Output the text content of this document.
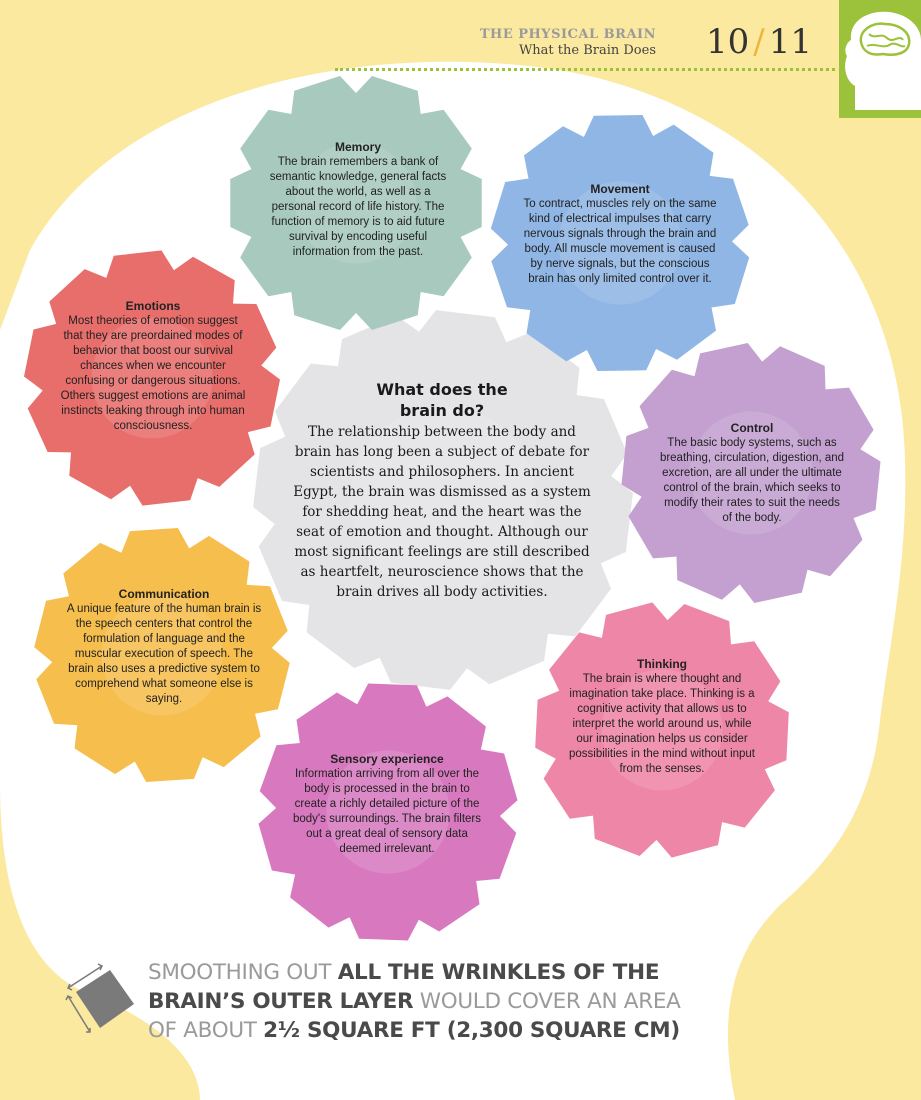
THE PHYSICAL BRAIN
What the Brain Does 10 / 11
Memory
The brain remembers a bank of semantic knowledge, general facts about the world, as well as a personal record of life history. The function of memory is to aid future survival by encoding useful information from the past.
Movement
To contract, muscles rely on the same kind of electrical impulses that carry nervous signals through the brain and body. All muscle movement is caused by nerve signals, but the conscious brain has only limited control over it.
Emotions
Most theories of emotion suggest that they are preordained modes of behavior that boost our survival chances when we encounter confusing or dangerous situations. Others suggest emotions are animal instincts leaking through into human consciousness.	Control
The basic body systems, such as breathing, circulation, digestion, and excretion, are all under the ultimate control of the brain, which seeks to modify their rates to suit the needs of the body.
Communication
A unique feature of the human brain is the speech centers that control the formulation of language and the muscular execution of speech. The brain also uses a predictive system to comprehend what someone else is saying.
Thinking
The brain is where thought and imagination take place. Thinking is a cognitive activity that allows us to interpret the world around us, while our imagination helps us consider possibilities in the mind without input from the senses.
Sensory experience
Information arriving from all over the body is processed in the brain to create a richly detailed picture of the body's surroundings. The brain filters out a great deal of sensory data deemed irrelevant.
What does the
brain do?
The relationship between the body and brain has long been a subject of debate for scientists and philosophers. In ancient Egypt, the brain was dismissed as a system for shedding heat, and the heart was the seat of emotion and thought. Although our most significant feelings are still described as heartfelt, neuroscience shows that the brain drives all body activities.
SMOOTHING OUT ALL THE WRINKLES OF THE BRAIN’S OUTER LAYER WOULD COVER AN AREA OF ABOUT 2½ SQUARE FT (2,300 SQUARE CM)
